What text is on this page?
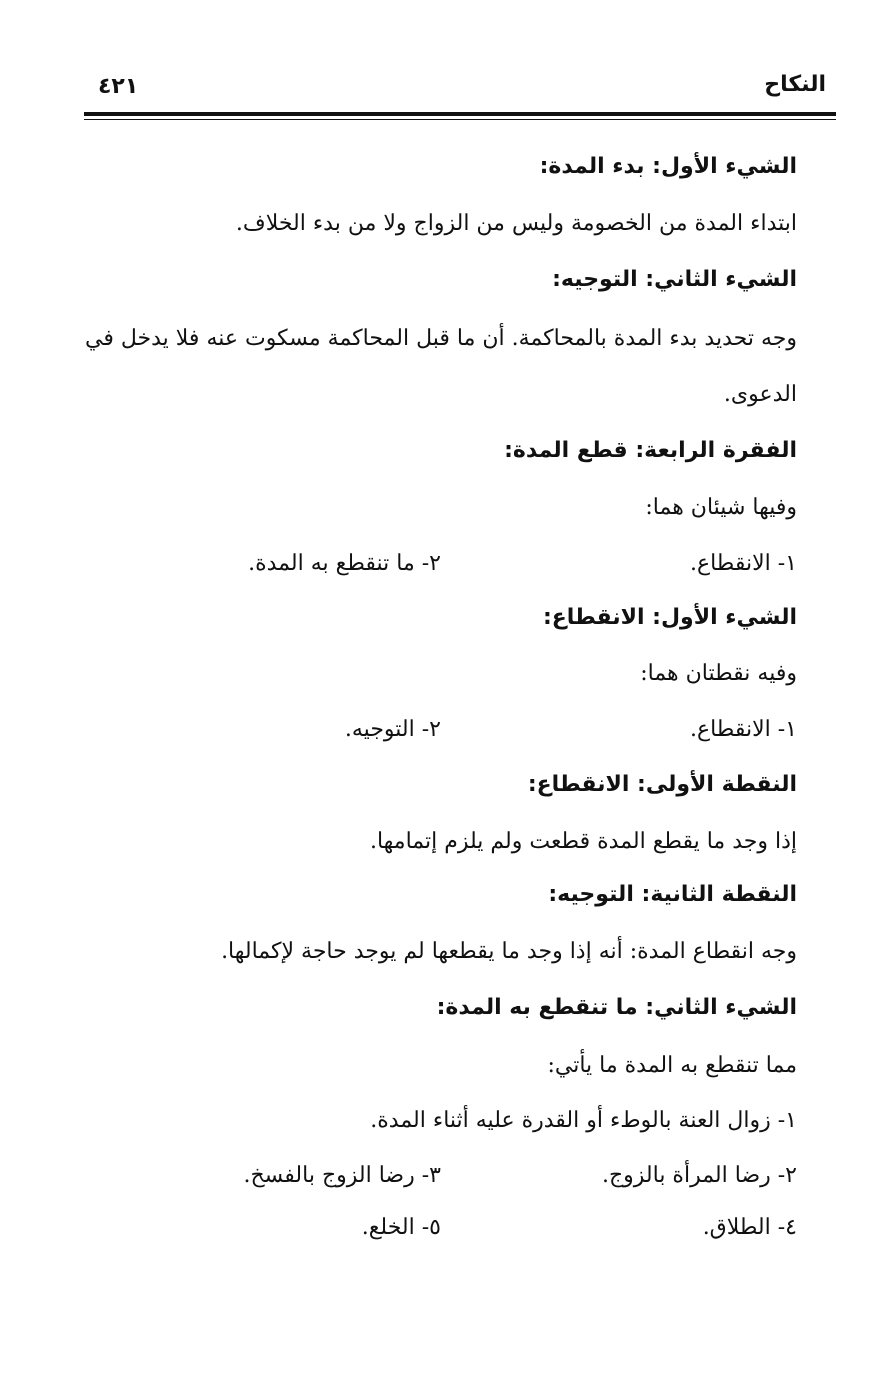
٤٢١	النكاح
الشيء الأول: بدء المدة:
ابتداء المدة من الخصومة وليس من الزواج ولا من بدء الخلاف.
الشيء الثاني: التوجيه:
وجه تحديد بدء المدة بالمحاكمة. أن ما قبل المحاكمة مسكوت عنه فلا يدخل في
الدعوى.
الفقرة الرابعة: قطع المدة:
وفيها شيئان هما:
١- الانقطاع.
٢- ما تنقطع به المدة.
الشيء الأول: الانقطاع:
وفيه نقطتان هما:
١- الانقطاع.
٢- التوجيه.
النقطة الأولى: الانقطاع:
إذا وجد ما يقطع المدة قطعت ولم يلزم إتمامها.
النقطة الثانية: التوجيه:
وجه انقطاع المدة: أنه إذا وجد ما يقطعها لم يوجد حاجة لإكمالها.
الشيء الثاني: ما تنقطع به المدة:
مما تنقطع به المدة ما يأتي:
١- زوال العنة بالوطء أو القدرة عليه أثناء المدة.
٢- رضا المرأة بالزوج.
٣- رضا الزوج بالفسخ.
٤- الطلاق.
٥- الخلع.
